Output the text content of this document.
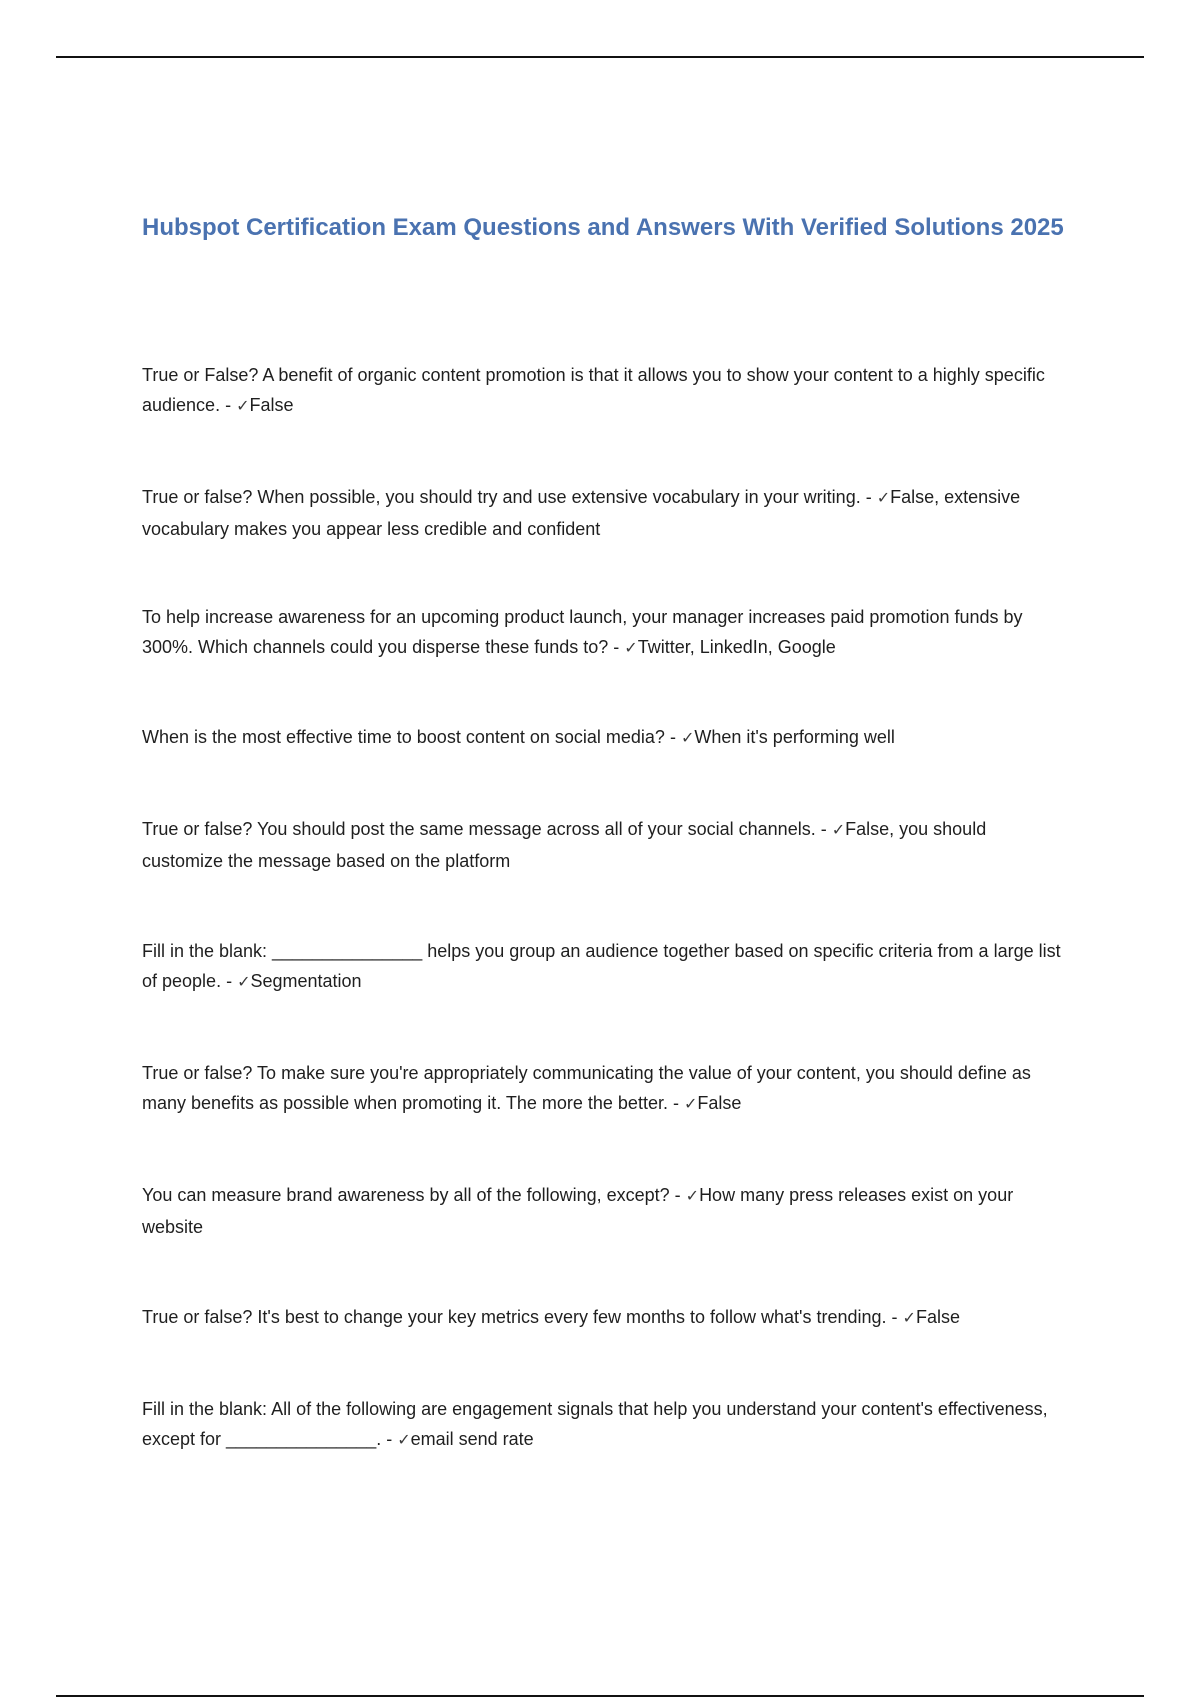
Hubspot Certification Exam Questions and Answers With Verified Solutions 2025

True or False? A benefit of organic content promotion is that it allows you to show your content to a highly specific audience. - ✓False

True or false? When possible, you should try and use extensive vocabulary in your writing. - ✓False, extensive vocabulary makes you appear less credible and confident

To help increase awareness for an upcoming product launch, your manager increases paid promotion funds by 300%. Which channels could you disperse these funds to? - ✓Twitter, LinkedIn, Google

When is the most effective time to boost content on social media? - ✓When it's performing well

True or false? You should post the same message across all of your social channels. - ✓False, you should customize the message based on the platform

Fill in the blank: _______________ helps you group an audience together based on specific criteria from a large list of people. - ✓Segmentation

True or false? To make sure you're appropriately communicating the value of your content, you should define as many benefits as possible when promoting it. The more the better. - ✓False

You can measure brand awareness by all of the following, except? - ✓How many press releases exist on your website

True or false? It's best to change your key metrics every few months to follow what's trending. - ✓False

Fill in the blank: All of the following are engagement signals that help you understand your content's effectiveness, except for _______________. - ✓email send rate
